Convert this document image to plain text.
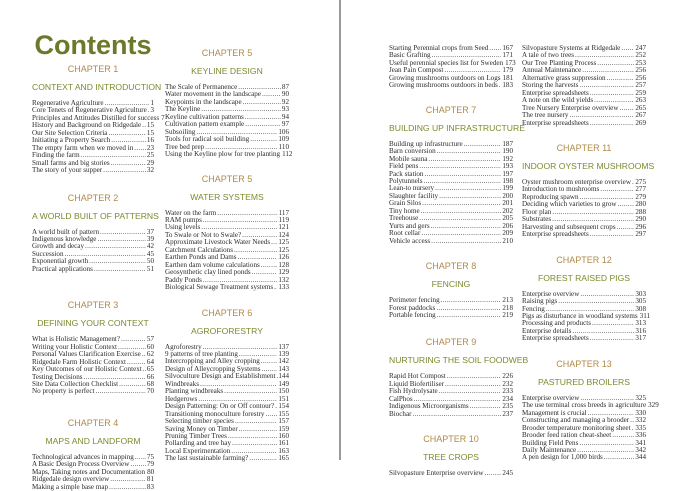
Contents
CHAPTER 1
CONTEXT AND INTRODUCTION
Regenerative Agriculture .....	1
Core Tenets of Regenerative Agriculture ..... 3
Principles and Attitudes Distilled for success 7
History and Background on Ridgedale ..... 15
Our Site Selection Criteria .....	15
Initiating a Property Search .....	16
The empty farm when we moved in ..... 23
Finding the farm .....	25
Small farms and big stories .....	29
The story of your supper .....	32
CHAPTER 2
A WORLD BUILT OF PATTERNS
A world built of pattern .....	37
Indigenous knowledge .....	39
Growth and decay .....	42
Succession .....	45
Exponential growth .....	50
Practical applications .....	51
CHAPTER 3
DEFINING YOUR CONTEXT
What is Holistic Management? .....	57
Writing your Holistic Context .....	60
Personal Values Clarification Exercise ..... 62
Ridgedale Farm Holistic Context .....	64
Key Outcomes of our Holistic Context ..... 65
Testing Decisions .....	66
Site Data Collection Checklist .....	68
No property is perfect .....	70
CHAPTER 4
MAPS AND LANDFORM
Technological advances in mapping ..... 75
A Basic Design Process Overview ..... 79
Maps, Taking notes and Documentation 80
Ridgedale design overview .....	81
Making a simple base map .....	83
CHAPTER 5
KEYLINE DESIGN
The Scale of Permanence .....	87
Water movement in the landscape .....	90
Keypoints in the landscape .....	92
The Keyline .....	93
Keyline cultivation patterns .....	94
Cultivation pattern example .....	97
Subsoiling .....	106
Tools for radical soil building .....	109
Tree bed prep .....	110
Using the Keyline plow for tree planting 112
CHAPTER 5
WATER SYSTEMS
Water on the farm .....	117
RAM pumps .....	119
Using levels .....	121
To Swale or Not to Swale? .....	124
Approximate Livestock Water Needs ..... 125
Catchment Calculations .....	125
Earthen Ponds and Dams .....	126
Earthen dam volume calculations .....	128
Geosynthetic clay lined ponds .....	129
Paddy Ponds .....	132
Biological Sewage Treatment systems ..... 133
CHAPTER 6
AGROFORESTRY
Agroforestry .....	137
9 patterns of tree planting .....	139
Intercropping and Alley cropping .....	142
Design of Alleycropping Systems .....	143
Silvoculture Design and Establishment ..... 144
Windbreaks .....	149
Planting windbreaks .....	150
Hedgerows .....	151
Design Patterning: On or Off contour? ..... 154
Transitioning monoculture forestry ..... 155
Selecting timber species .....	157
Saving Money on Timber .....	159
Pruning Timber Trees .....	160
Pollarding and tree hay .....	161
Local Experimentation .....	163
The last sustainable farming? .....	165
Starting Perennial crops from Seed ..... 167
Basic Grafting .....	171
Useful perennial species list for Sweden 173
Jean Pain Compost .....	179
Growing mushrooms outdoors on Logs 181
Growing mushrooms outdoors in beds ..... 183
CHAPTER 7
BUILDING UP INFRASTRUCTURE
Building up infrastructure .....	187
Barn conversion .....	190
Mobile sauna .....	192
Field pens .....	193
Pack station .....	197
Polytunnels .....	198
Lean-to nursery .....	199
Slaughter facility .....	200
Grain Silos .....	201
Tiny home .....	202
Treehouse .....	205
Yurts and gers .....	206
Root cellar .....	209
Vehicle access .....	210
CHAPTER 8
FENCING
Perimeter fencing .....	213
Forest paddocks .....	218
Portable fencing .....	219
CHAPTER 9
NURTURING THE SOIL FOODWEB
Rapid Hot Compost .....	226
Liquid Biofertiliser .....	232
Fish Hydrolysate .....	233
CalPhos .....	234
Indigenous Microorganisms .....	235
Biochar .....	237
CHAPTER 10
TREE CROPS
Silvopasture Enterprise overview .....	245
Silvopasture Systems at Ridgedale ..... 247
A tale of two trees .....	252
Our Tree Planting Process .....	253
Annual Maintenance .....	256
Alternative grass suppression .....	256
Storing the harvests .....	257
Enterprise spreadsheets .....	259
A note on the wild yields .....	263
Tree Nursery Enterprise overview ..... 265
The tree nursery .....	267
Enterprise spreadsheets .....	269
CHAPTER 11
INDOOR OYSTER MUSHROOMS
Oyster mushroom enterprise overview ..... 275
Introduction to mushrooms .....	277
Reproducing spawn .....	279
Deciding which varieties to grow .....	280
Floor plan .....	288
Substrates .....	290
Harvesting and subsequent crops .....	296
Enterprise spreadsheets .....	297
CHAPTER 12
FOREST RAISED PIGS
Enterprise overview .....	303
Raising pigs .....	305
Fencing .....	308
Pigs as disturbance in woodland systems 311
Processing and products .....	313
Enterprise details .....	316
Enterprise spreadsheets .....	317
CHAPTER 13
PASTURED BROILERS
Enterprise overview .....	325
The use terminal cross breeds in agriculture 329
Management is crucial .....	330
Constructing and managing a brooder ..... 332
Brooder temperature monitoring sheet ..... 335
Brooder feed ration cheat-sheet .....	336
Building Field Pens .....	341
Daily Maintenance .....	342
A pen design for 1,000 birds .....	344
